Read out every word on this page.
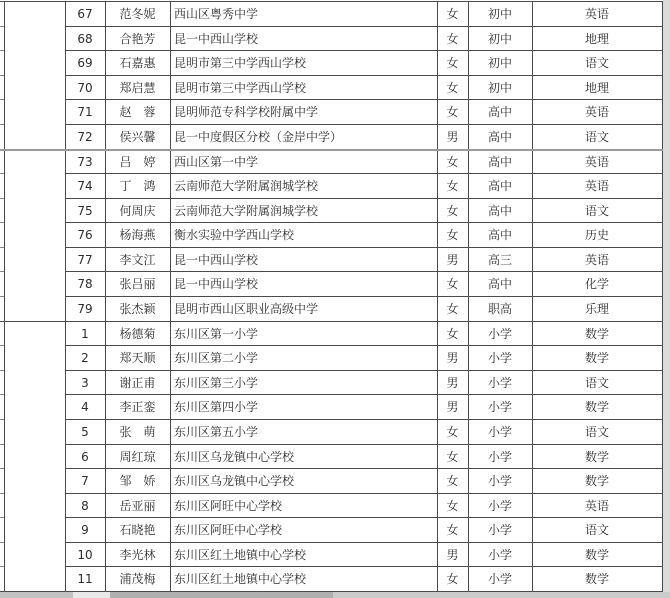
67	范冬妮	西山区粤秀中学	女	初中	英语
68	合艳芳	昆一中西山学校	女	初中	地理
69	石嘉惠	昆明市第三中学西山学校	女	初中	语文
70	郑启慧	昆明市第三中学西山学校	女	初中	地理
71	赵　蓉	昆明师范专科学校附属中学	女	高中	英语
72	侯兴馨	昆一中度假区分校（金岸中学）	男	高中	语文
73	吕　婷	西山区第一中学	女	高中	英语
74	丁　鸿	云南师范大学附属润城学校	女	高中	英语
75	何周庆	云南师范大学附属润城学校	女	高中	语文
76	杨海燕	衡水实验中学西山学校	女	高中	历史
77	李文江	昆一中西山学校	男	高三	英语
78	张吕丽	昆一中西山学校	女	高中	化学
79	张杰颖	昆明市西山区职业高级中学	女	职高	乐理
1	杨德菊	东川区第一小学	女	小学	数学
2	郑天顺	东川区第二小学	男	小学	数学
3	谢正甫	东川区第三小学	男	小学	语文
4	李正銮	东川区第四小学	男	小学	数学
5	张　萌	东川区第五小学	女	小学	语文
6	周红琼	东川区乌龙镇中心学校	女	小学	数学
7	邹　娇	东川区乌龙镇中心学校	女	小学	数学
8	岳亚丽	东川区阿旺中心学校	女	小学	英语
9	石晓艳	东川区阿旺中心学校	女	小学	语文
10	李光林	东川区红土地镇中心学校	男	小学	数学
11	浦茂梅	东川区红土地镇中心学校	女	小学	数学
